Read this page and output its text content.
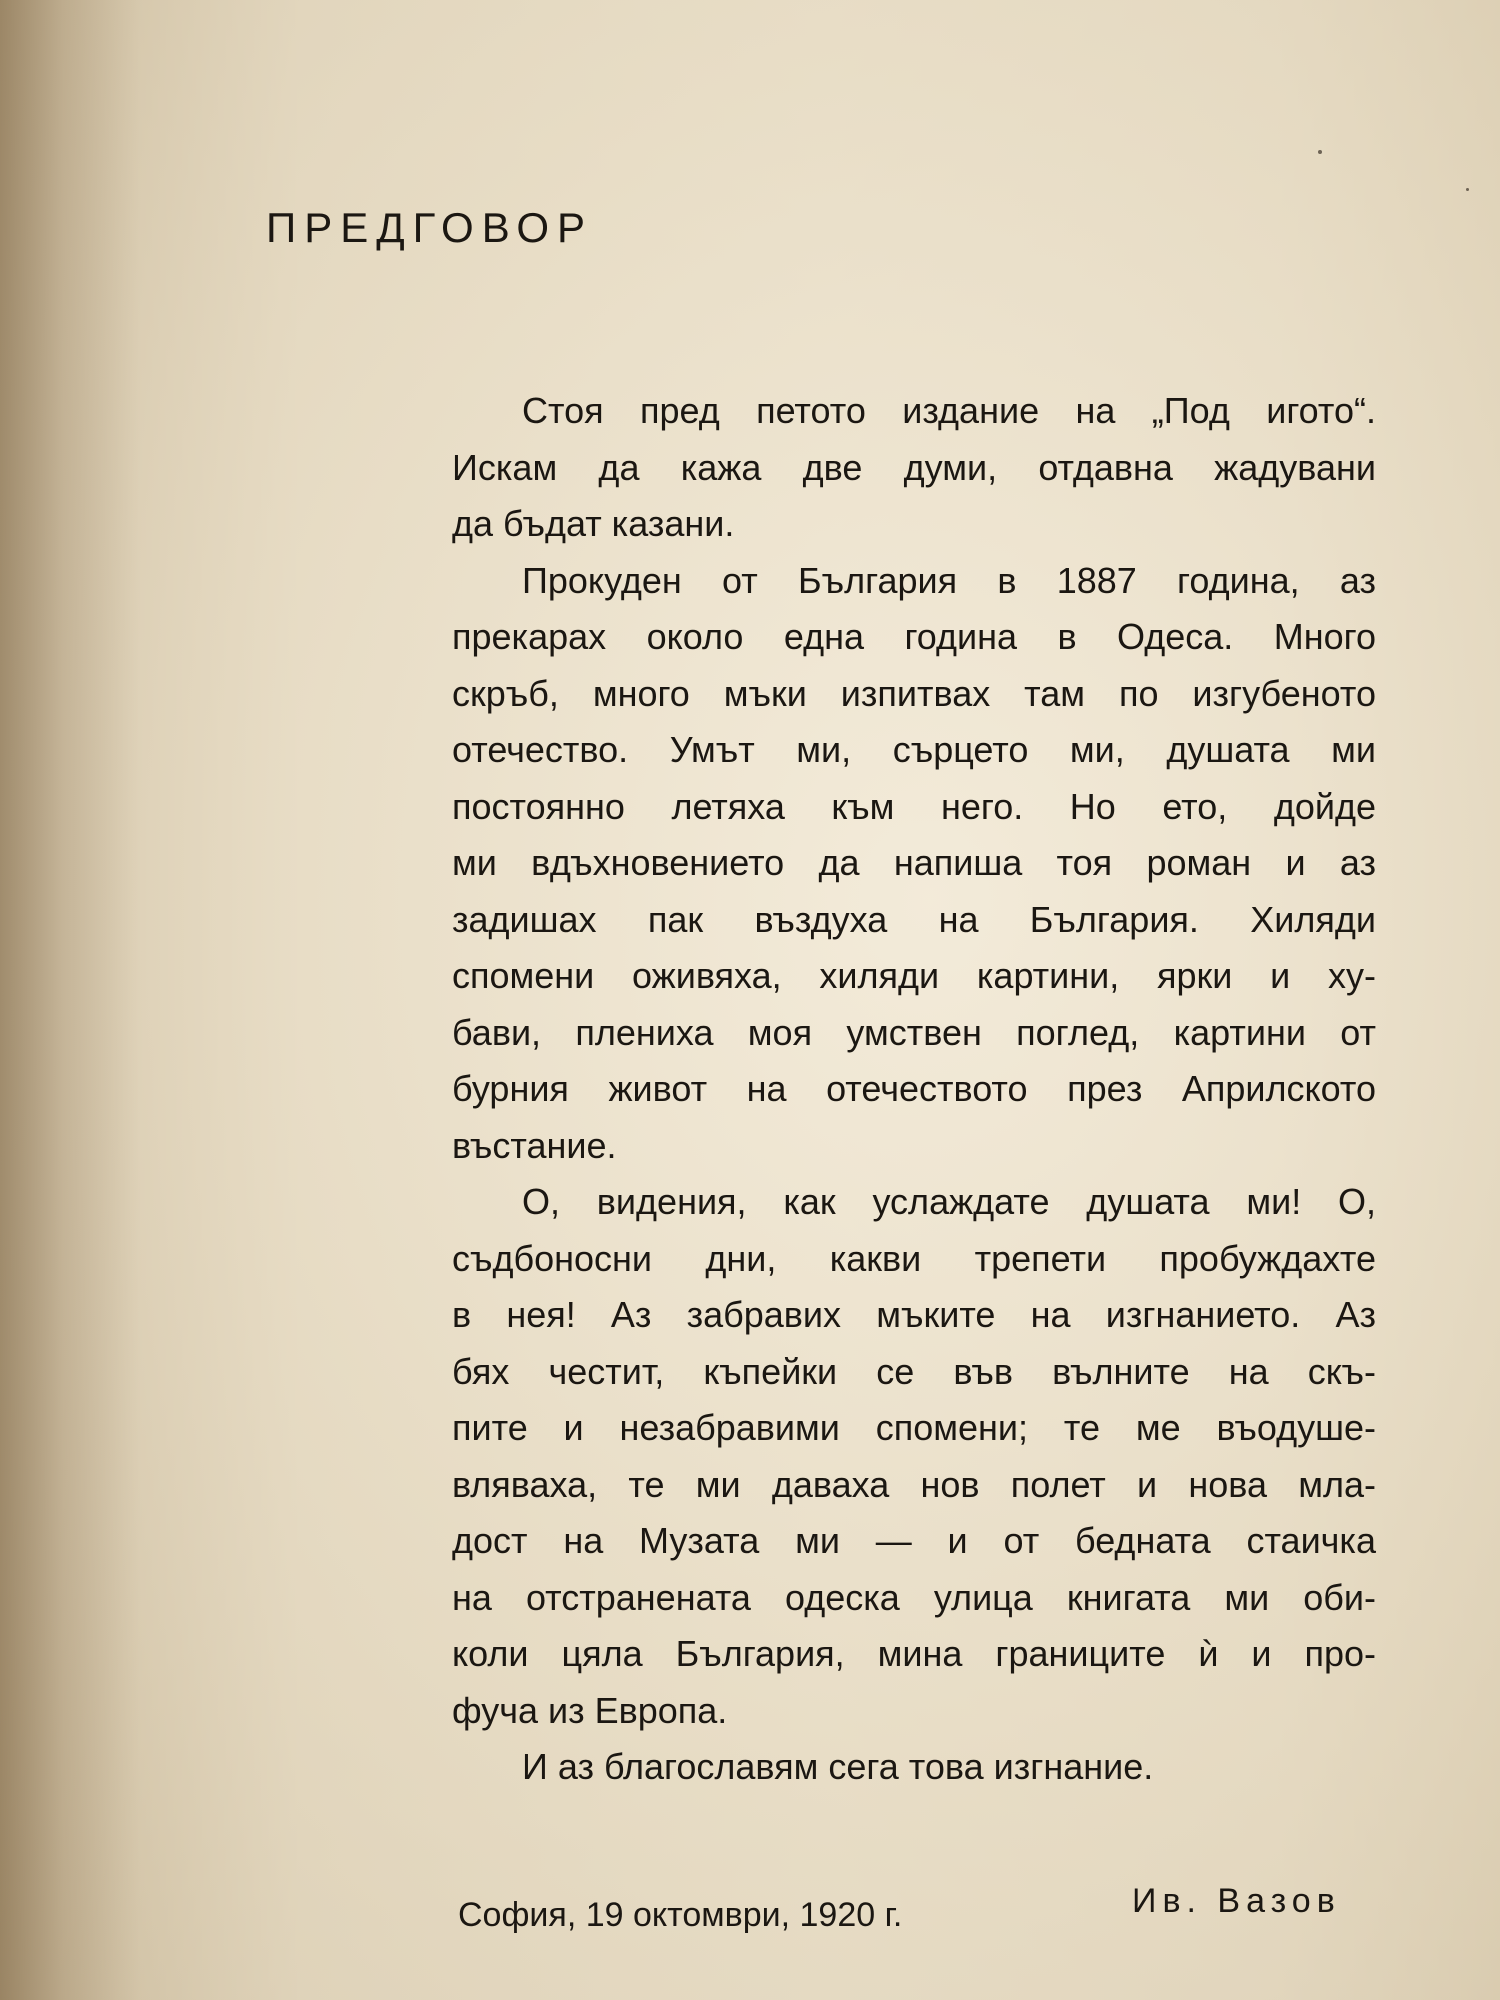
ПРЕДГОВОР
Стоя пред петото издание на „Под игото“.
Искам да кажа две думи, отдавна жадувани
да бъдат казани.
Прокуден от България в 1887 година, аз
прекарах около една година в Одеса. Много
скръб, много мъки изпитвах там по изгубеното
отечество. Умът ми, сърцето ми, душата ми
постоянно летяха към него. Но ето, дойде
ми вдъхновението да напиша тоя роман и аз
задишах пак въздуха на България. Хиляди
спомени оживяха, хиляди картини, ярки и ху-
бави, плениха моя умствен поглед, картини от
бурния живот на отечеството през Априлското
въстание.
О, видения, как услаждате душата ми! О,
съдбоносни дни, какви трепети пробуждахте
в нея! Аз забравих мъките на изгнанието. Аз
бях честит, къпейки се във вълните на скъ-
пите и незабравими спомени; те ме въодуше-
вляваха, те ми даваха нов полет и нова мла-
дост на Музата ми — и от бедната стаичка
на отстранената одеска улица книгата ми оби-
коли цяла България, мина границите ѝ и про-
фуча из Европа.
И аз благославям сега това изгнание.
София, 19 октомври, 1920 г.	Ив. Вазов
